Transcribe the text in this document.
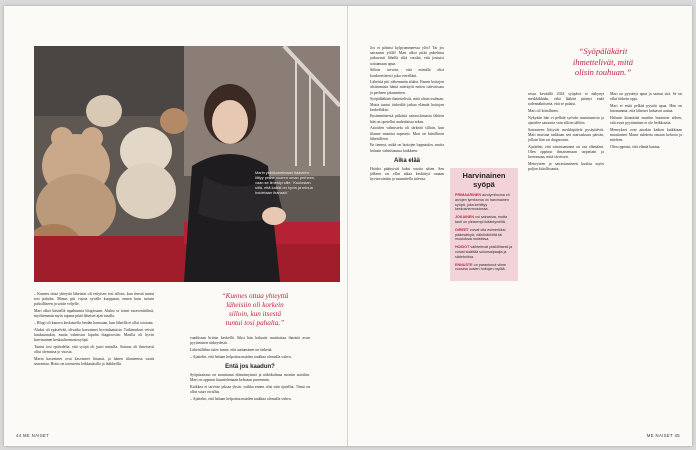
Marin ykkösunelmaan haaveen liittyy perhe nuoren oman perheen, vaan se ilmestyi sille. 'Kuulostan siltä, että kaikki on hyvin ja minua hoidetaan ihanasti.'

– Kunnes ottaa yhteyttä läheisiin oli erityisen tosi silloin, kun itsestä tuntui tosi pahalta. Minun piti vajota syvälle kuoppaan, ennen kuin tartuin pahoilliseen ja soitin veljelle.

Mari alkoi käsitellä tapahtumia blogissaan. Aluksi se toimi varaventtiilinä, myöhemmin myös tapana pitää läheiset ajan tasalla.

– Blogi oli kanava keskustella heidän kanssaan, kun läheillä ei ollut toisiaan.

Aluksi oli epäselvää, olivatko kasvaimet hyvänlaatuisia. Tutkimukset veivät kuukausiakin, mutta valmistui lopulta diagnoosiin: Marilla oli hyvin harvinainen keskushermostosyöpä.

Tuntui tosi epätodelta, että syöpä oli juuri minulla. Sairaus oli ilmeisesti ollut olemassa jo vuosia.

Marin kasvaimet ovat kasvaneet hitaasti, ja hänen tilanteensa vaatii seurantaa. Hoito on toteutettu leikkauksilla ja lääkkeillä.

“Kunnes ottaa yhteyttä
läheisiin oli korkein
silloin, kun itsestä
tuntui tosi pahalta.”

vaadittaan kriisin keskellä. Siksi hän haluaisi muistuttaa ihmisiä avun pyytämisen tärkeydestä.

Läheisillekin tulee tunne, että auttaminen on tärkeää.

– Ajattelin, että haluan helpottaa muiden taakkaa olemalla vahva.

Entä jos kaadun?

Syöpäsairaus on muuttanut elämänrytmiä ja näkökulmaa moniin asioihin. Mari on oppinut kuuntelemaan kehoaan paremmin.

Kaikkea ei tarvitse jaksaa yksin, vaikka ennen olisi niin ajatellut. Tämä on ollut suuri oivallus.

– Ajattelin, että haluan helpottaa muiden taakkaa olemalla vahva.

44 ME NAISET

Jos ei pääsisi kylpyammeessa ylös? Tai jos sairaanni yöllä? Mari alkoi pitää puhelinta jatkuvasti lähellä siltä varalta, että joutuisi soittamaan apua.

Silloin toivoin, että minulla olisi konkreettisesti joku vierelläni.

Läheisiä piti vähemmän aluksi. Ennen hoitojen aloittamista häntä mietitytti eniten tulevaisuus ja perheen jaksaminen.

Syöpälääkärit ihmettelivät, mitä olisin touhuan. Mutta tuntui tärkeältä jatkaa elämää hoitojen keskelläkin.

Ensimmäisestä pitkästä sairauslomasta lähtien hän on opetellut uudenlaista arkea.

Asioiden valmistelu oli tärkeää silloin, kun tilanne muuttui nopeasti. Mari on kiitollinen läheisilleen.

En tiennyt, mikä on hoitojen lopputulos, mutta halusin valmistautua kaikkeen.

Aika elää

Hoidot päättyivät kaksi vuotta sitten. Sen jälkeen on ollut aikaa keskittyä omaan hyvinvointiin ja suunnitella tulevaa.

“Syöpäläkärit
ihmettelivät, mitä
olisin touhuan.”
Harvinainen syöpä
PRIMAARINEN aivolymfooma eli aivojen lymfooma on harvinainen syöpä, joka kehittyy keskushermostossa.
JOKAINEN voi sairastua, mutta tauti on yleisempi ikääntyneillä.
OIREET voivat olla esimerkiksi päänsärkyä, näköhäiriöitä tai muutoksia muistissa.
HOIDOT vaihtelevat yksilöllisesti ja voivat sisältää solunsalpaajia ja sädehoitoa.
ENNUSTE on parantunut viime vuosina uusien hoitojen myötä.

sessa keväällä 2024 syöpävä ei näkynyt merkkikkään, eikä lääkäri pitänyt enää todennäköisenä, että se palaisi.

Mari oli kiitollinen.

Nykyään hän ei pelkää syövän uusiutumista ja ajattelee sairautta vain silloin tällöin.

Sairauteen liittyvät merkkipäivät pysäyttävät. Mari muistaa tarkkaan sen marraskuun päivän, jolloin hän sai diagnoosin.

Ajattelen, että sairastuminen on osa elämääni. Olen oppinut ilmaisemaan tarpeitani ja kertomaan, mitä tarvitsen.

Meneyteen ja sairastumiseen kuuluu myös paljon kiitollisuutta.

Mari on pyytänyt apua ja saanut sitä. Se on ollut tärkein oppi.

Mari ei enää pelkää pyytää apua. Hän on huomannut, että läheiset haluavat auttaa.

Halusin kiinnittää muiden huomion siihen, että avun pyytäminen ei ole heikkoutta.

Meneykset ovat ainakin kaiken kaikkiaan muuttaneet Marin suhdetta omaan kehoon ja mieleen.

Olen oppinut, että elämä kantaa.

ME NAISET 45
